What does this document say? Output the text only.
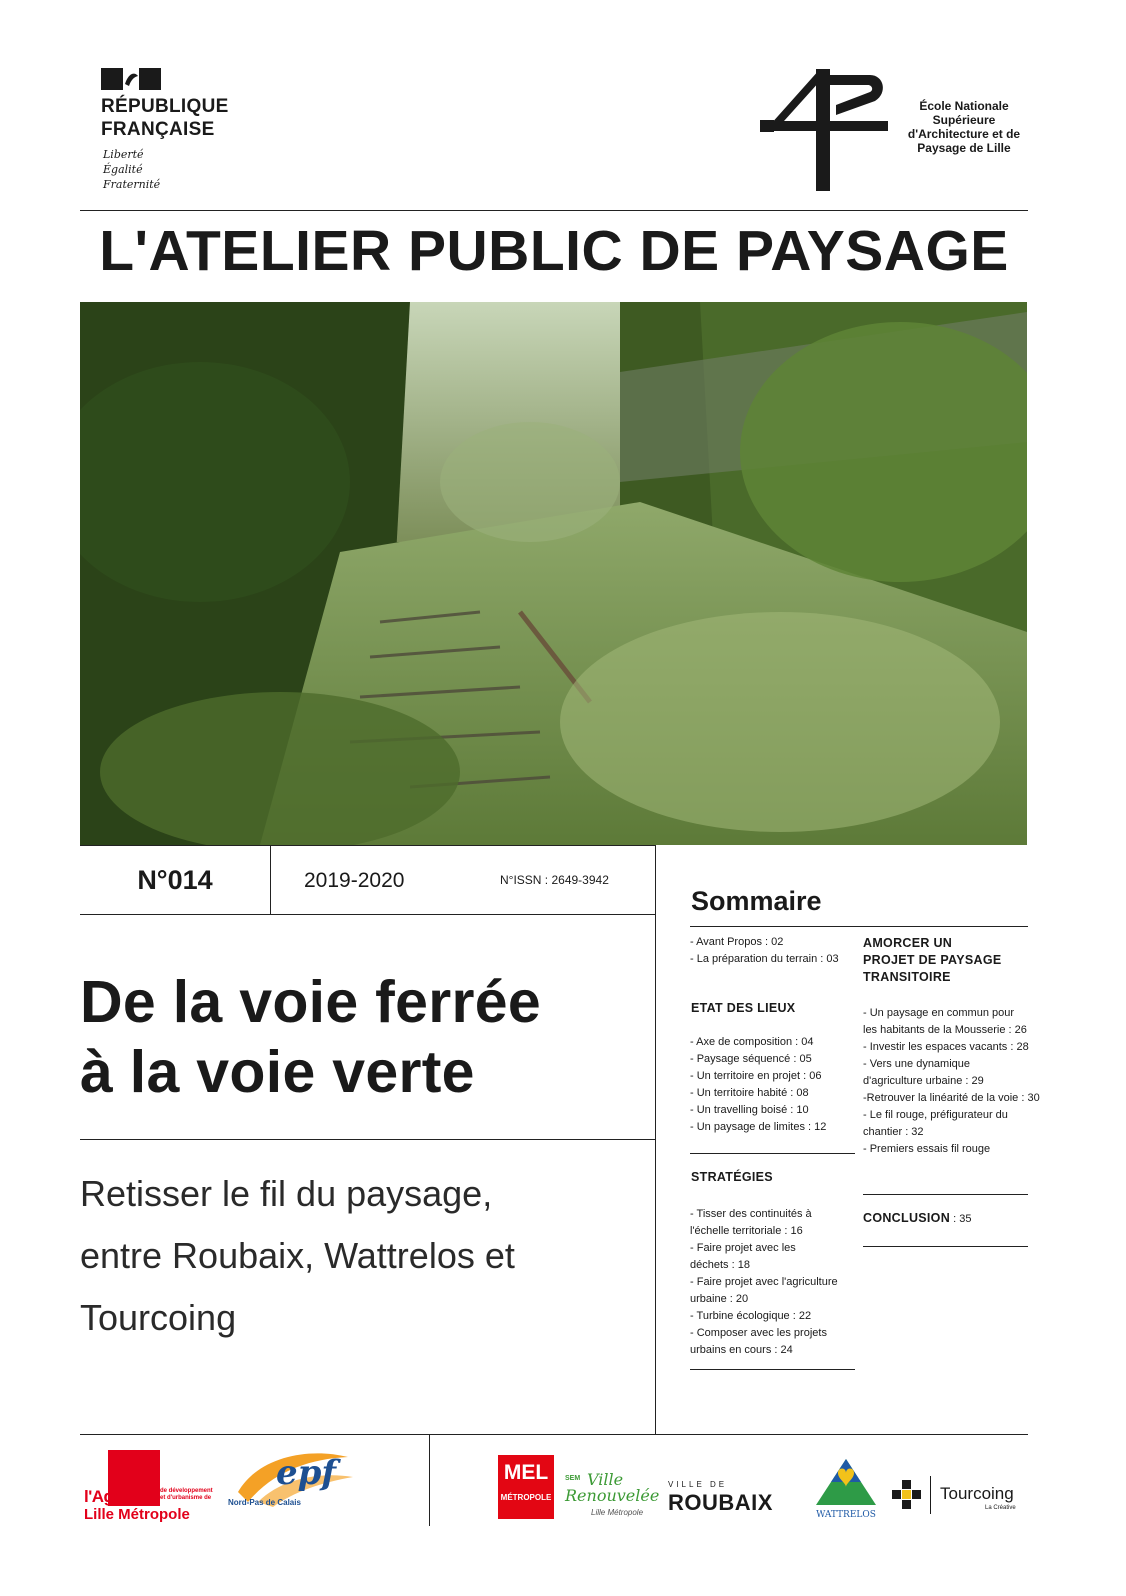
RÉPUBLIQUE
FRANÇAISE
Liberté
Égalité
Fraternité
École Nationale
Supérieure
d'Architecture et de
Paysage de Lille
L'ATELIER PUBLIC DE PAYSAGE
N°014	2019-2020	N°ISSN : 2649-3942
De la voie ferrée
à la voie verte
Retisser le fil du paysage,
entre Roubaix, Wattrelos et
Tourcoing
Sommaire
- Avant Propos : 02
- La préparation du terrain : 03
ETAT DES LIEUX
- Axe de composition : 04
- Paysage séquencé : 05
- Un territoire en projet : 06
- Un territoire habité : 08
- Un travelling boisé : 10
- Un paysage de limites : 12
STRATÉGIES
- Tisser des continuités à
l'échelle territoriale : 16
- Faire projet avec les
déchets : 18
- Faire projet avec l'agriculture
urbaine : 20
- Turbine écologique : 22
- Composer avec les projets
urbains en cours : 24
AMORCER UN
PROJET DE PAYSAGE
TRANSITOIRE
- Un paysage en commun pour
les habitants de la Mousserie : 26
- Investir les espaces vacants : 28
- Vers une dynamique
d'agriculture urbaine : 29
-Retrouver la linéarité de la voie : 30
- Le fil rouge, préfigurateur du
chantier : 32
- Premiers essais fil rouge
CONCLUSION : 35
l'Agence de développement
et d'urbanisme de
Lille Métropole
epf
Nord-Pas de Calais
MEL
MÉTROPOLE
SEM Ville
Renouvelée
Lille Métropole
VILLE DE
ROUBAIX	WATTRELOS
Tourcoing
La Créative
